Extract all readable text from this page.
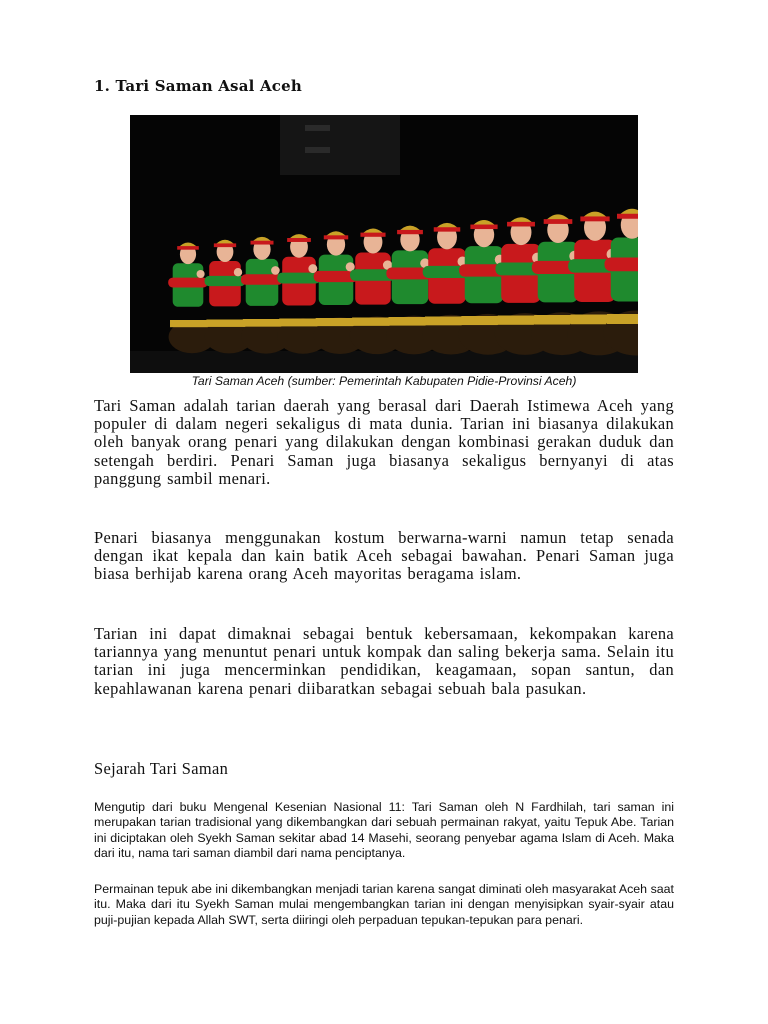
1. Tari Saman Asal Aceh

Tari Saman Aceh (sumber: Pemerintah Kabupaten Pidie-Provinsi Aceh)

Tari Saman adalah tarian daerah yang berasal dari Daerah Istimewa Aceh yang populer di dalam negeri sekaligus di mata dunia. Tarian ini biasanya dilakukan oleh banyak orang penari yang dilakukan dengan kombinasi gerakan duduk dan setengah berdiri. Penari Saman juga biasanya sekaligus bernyanyi di atas panggung sambil menari.

Penari biasanya menggunakan kostum berwarna-warni namun tetap senada dengan ikat kepala dan kain batik Aceh sebagai bawahan. Penari Saman juga biasa berhijab karena orang Aceh mayoritas beragama islam.

Tarian ini dapat dimaknai sebagai bentuk kebersamaan, kekompakan karena tariannya yang menuntut penari untuk kompak dan saling bekerja sama. Selain itu tarian ini juga mencerminkan pendidikan, keagamaan, sopan santun, dan kepahlawanan karena penari diibaratkan sebagai sebuah bala pasukan.

Sejarah Tari Saman

Mengutip dari buku Mengenal Kesenian Nasional 11: Tari Saman oleh N Fardhilah, tari saman ini merupakan tarian tradisional yang dikembangkan dari sebuah permainan rakyat, yaitu Tepuk Abe. Tarian ini diciptakan oleh Syekh Saman sekitar abad 14 Masehi, seorang penyebar agama Islam di Aceh. Maka dari itu, nama tari saman diambil dari nama penciptanya.

Permainan tepuk abe ini dikembangkan menjadi tarian karena sangat diminati oleh masyarakat Aceh saat itu. Maka dari itu Syekh Saman mulai mengembangkan tarian ini dengan menyisipkan syair-syair atau puji-pujian kepada Allah SWT, serta diiringi oleh perpaduan tepukan-tepukan para penari.
